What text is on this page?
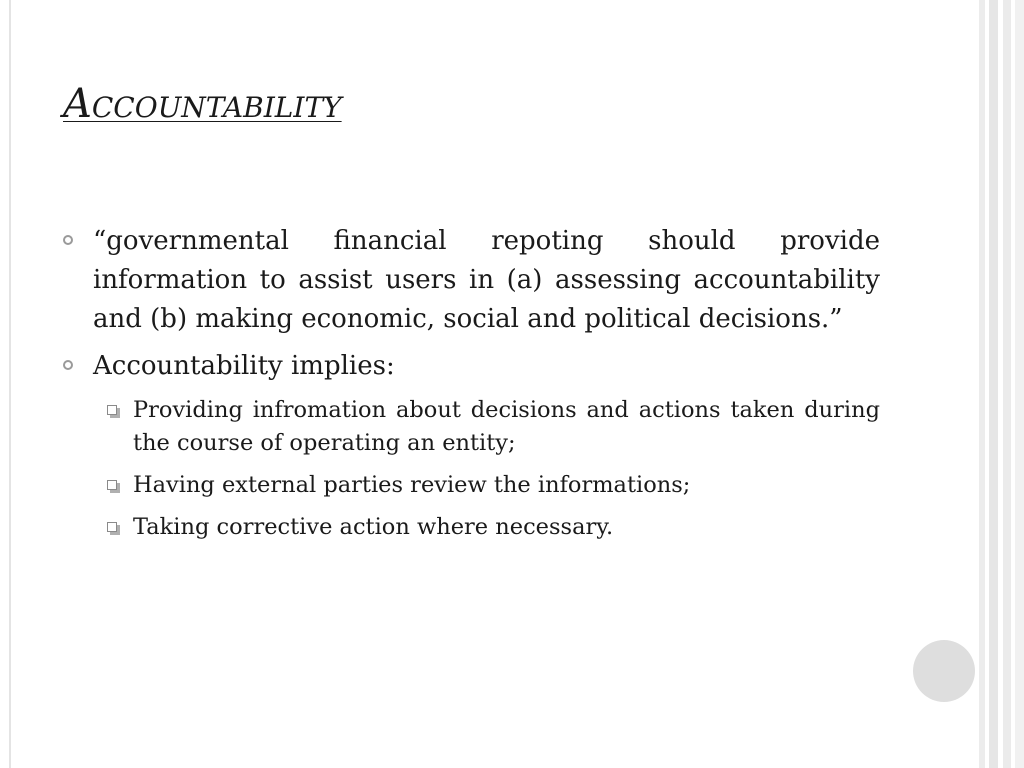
Accountability
“governmental financial repoting should provide information to assist users in (a) assessing accountability and (b) making economic, social and political decisions.”
Accountability implies:
Providing infromation about decisions and actions taken during the course of operating an entity;
Having external parties review the informations;
Taking corrective action where necessary.
